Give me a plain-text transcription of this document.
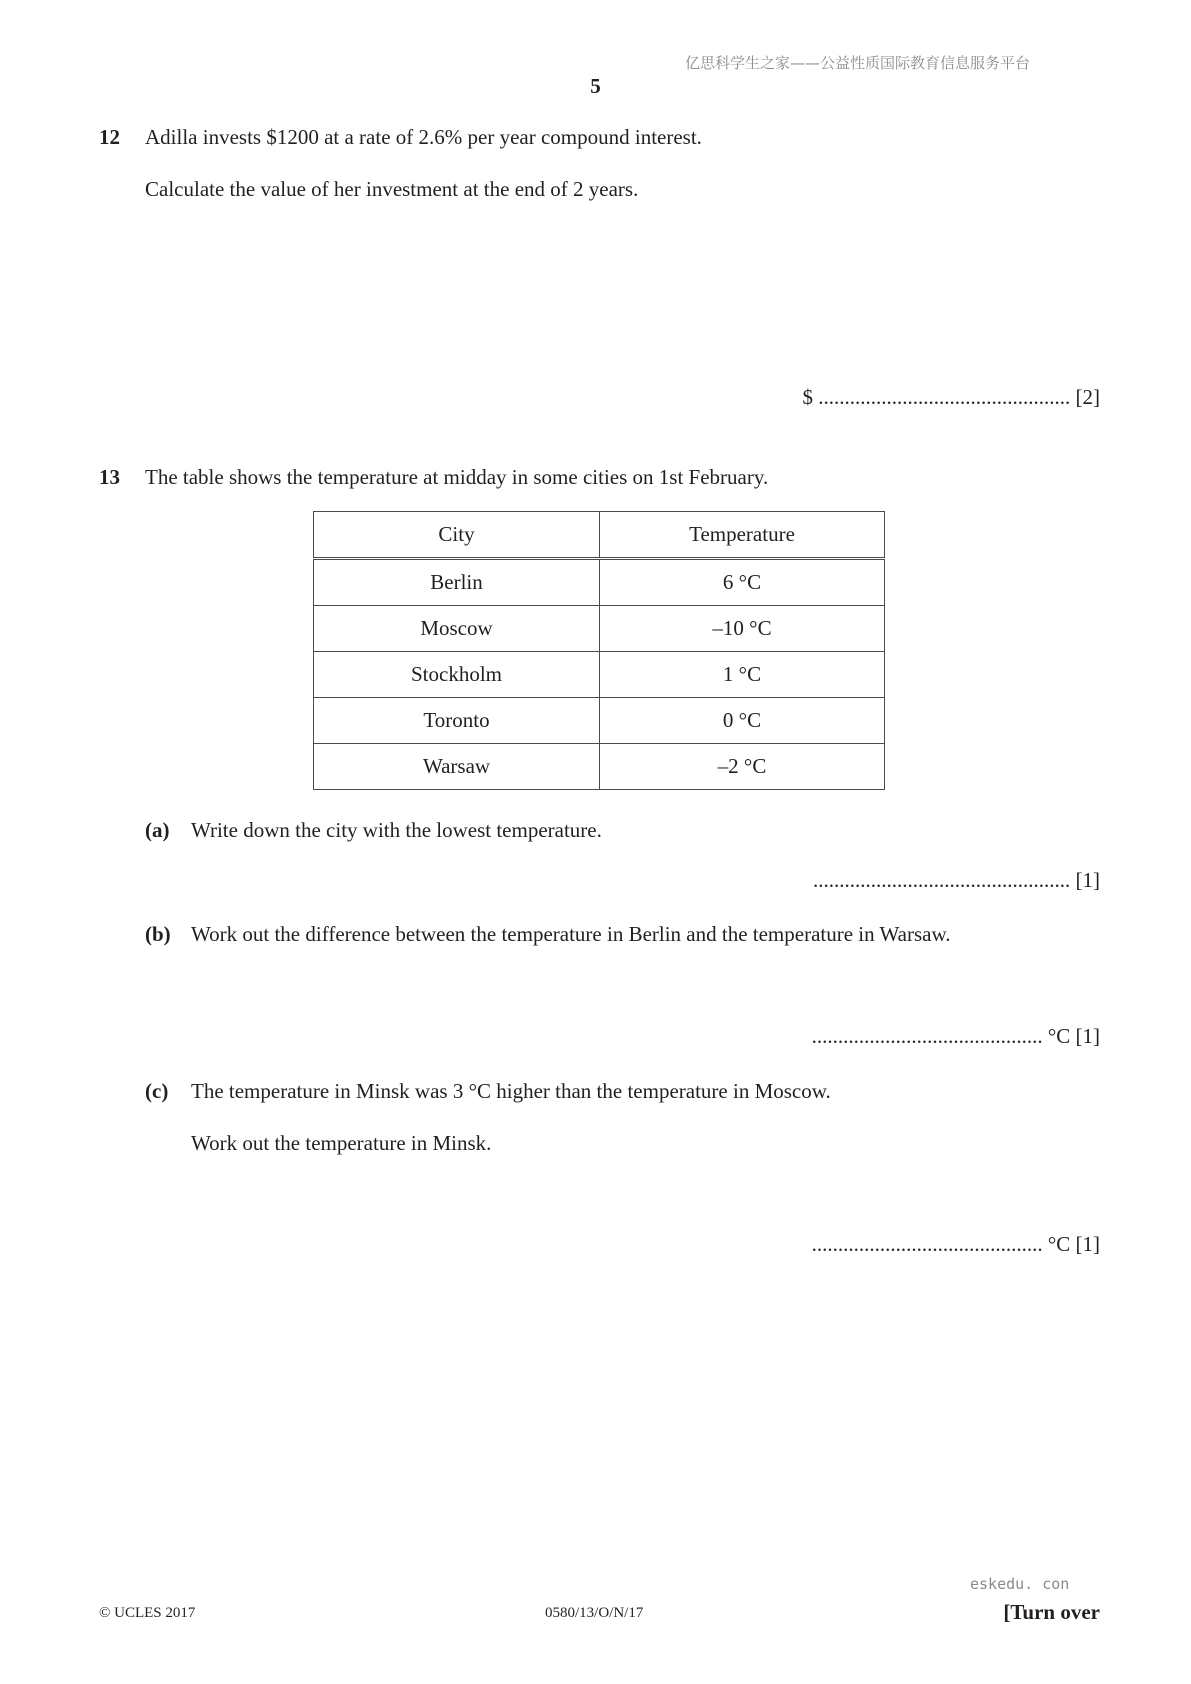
亿思科学生之家——公益性质国际教育信息服务平台
5
12 Adilla invests $1200 at a rate of 2.6% per year compound interest.
Calculate the value of her investment at the end of 2 years.
$ ................................................ [2]
13 The table shows the temperature at midday in some cities on 1st February.
City	Temperature
Berlin	6 °C
Moscow	–10 °C
Stockholm	1 °C
Toronto	0 °C
Warsaw	–2 °C
(a) Write down the city with the lowest temperature.
................................................. [1]
(b) Work out the difference between the temperature in Berlin and the temperature in Warsaw.
............................................ °C [1]
(c) The temperature in Minsk was 3 °C higher than the temperature in Moscow.
Work out the temperature in Minsk.
............................................ °C [1]
eskedu. con
© UCLES 2017	0580/13/O/N/17	[Turn over
